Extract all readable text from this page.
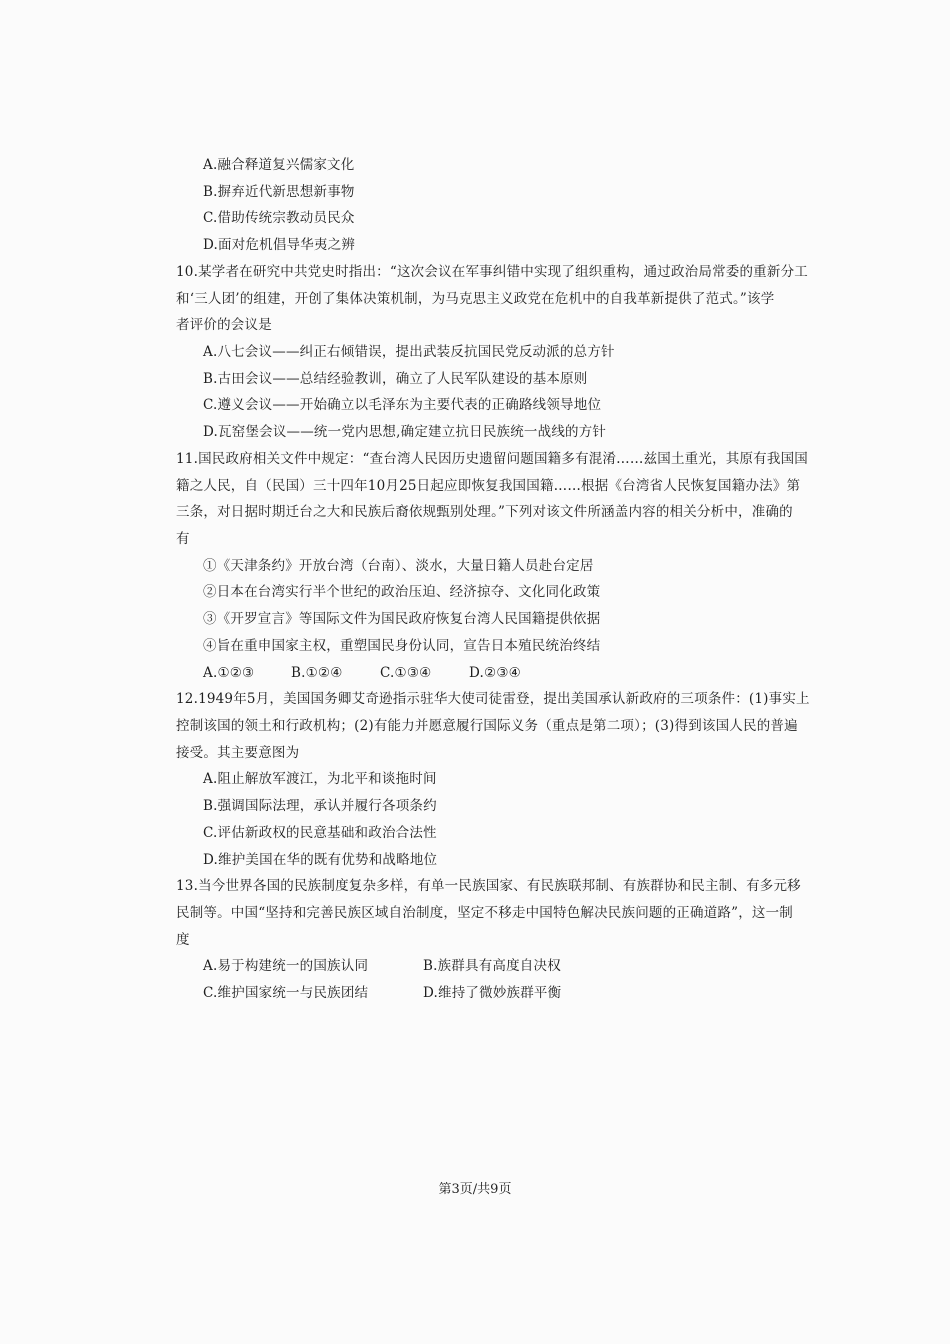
A.融合释道复兴儒家文化
B.摒弃近代新思想新事物
C.借助传统宗教动员民众
D.面对危机倡导华夷之辨
10.某学者在研究中共党史时指出：“这次会议在军事纠错中实现了组织重构，通过政治局常委的重新分工
和‘三人团’的组建，开创了集体决策机制，为马克思主义政党在危机中的自我革新提供了范式。”该学
者评价的会议是
A.八七会议——纠正右倾错误，提出武装反抗国民党反动派的总方针
B.古田会议——总结经验教训，确立了人民军队建设的基本原则
C.遵义会议——开始确立以毛泽东为主要代表的正确路线领导地位
D.瓦窑堡会议——统一党内思想,确定建立抗日民族统一战线的方针
11.国民政府相关文件中规定：“查台湾人民因历史遗留问题国籍多有混淆……兹国土重光，其原有我国国
籍之人民，自（民国）三十四年10月25日起应即恢复我国国籍……根据《台湾省人民恢复国籍办法》第
三条，对日据时期迁台之大和民族后裔依规甄别处理。”下列对该文件所涵盖内容的相关分析中，准确的
有
①《天津条约》开放台湾（台南）、淡水，大量日籍人员赴台定居
②日本在台湾实行半个世纪的政治压迫、经济掠夺、文化同化政策
③《开罗宣言》等国际文件为国民政府恢复台湾人民国籍提供依据
④旨在重申国家主权，重塑国民身份认同，宣告日本殖民统治终结
A.①②③	B.①②④	C.①③④	D.②③④
12.1949年5月，美国国务卿艾奇逊指示驻华大使司徒雷登，提出美国承认新政府的三项条件：(1)事实上
控制该国的领土和行政机构；(2)有能力并愿意履行国际义务（重点是第二项）；(3)得到该国人民的普遍
接受。其主要意图为
A.阻止解放军渡江，为北平和谈拖时间
B.强调国际法理，承认并履行各项条约
C.评估新政权的民意基础和政治合法性
D.维护美国在华的既有优势和战略地位
13.当今世界各国的民族制度复杂多样，有单一民族国家、有民族联邦制、有族群协和民主制、有多元移
民制等。中国“坚持和完善民族区域自治制度，坚定不移走中国特色解决民族问题的正确道路”，这一制
度
A.易于构建统一的国族认同	B.族群具有高度自决权
C.维护国家统一与民族团结	D.维持了微妙族群平衡
第3页/共9页
